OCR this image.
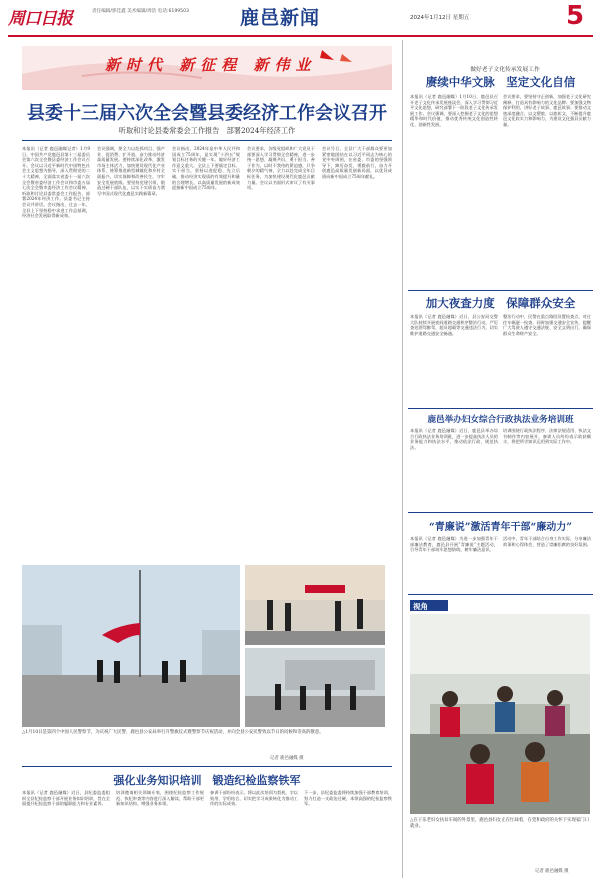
周口日报	责任编辑/郭佳鑫 美术编辑/周浩 电话:6199503	鹿邑新闻	2024年1月12日 星期五	5
新时代 新征程 新伟业
县委十三届六次全会暨县委经济工作会议召开
听取和讨论县委常委会工作报告　部署2024年经济工作
本报讯（记者 鹿邑融媒记者）1月9日，中国共产党鹿邑县第十三届委员会第六次全会暨县委经济工作会议召开。会议以习近平新时代中国特色社会主义思想为指导，深入贯彻党的二十大精神，全面落实省委十一届六次全会暨省委经济工作会议和市委五届七次全会暨市委经济工作会议精神，听取和讨论县委常委会工作报告，部署2024年经济工作。县委书记主持会议并讲话。会议指出，过去一年，全县上下坚持稳中求进工作总基调，经济社会发展取得新成效。
会议强调，要全力以赴抓项目、强产业、促消费、扩开放，奋力推动经济高质量发展。要持续深化改革，激发市场主体活力，加快建设现代化产业体系，统筹推进新型城镇化和乡村全面振兴，切实保障和改善民生，守牢安全发展底线。要坚持党建引领，锻造过硬干部队伍，以实干实绩奋力谱写中国式现代化鹿邑实践新篇章。
会议指出，2024年是中华人民共和国成立75周年，是实现“十四五”规划目标任务的关键一年。做好经济工作意义重大。全县上下要锚定目标、实干担当，坚持以进促稳、先立后破，推动经济实现质的有效提升和量的合理增长，以高质量发展的新成效迎接新中国成立75周年。
会议要求，各级党组织和广大党员干部要深入学习贯彻全会精神，进一步统一思想、凝聚共识，勇于担当、善于作为，以时不我待的紧迫感，只争朝夕的精气神，全力以赴完成全年目标任务，为加快建设现代化鹿邑贡献力量。会议以书面形式审议了有关事项。
会议号召，全县广大干部群众要更加紧密地团结在以习近平同志为核心的党中央周围，在省委、市委的坚强领导下，踔厉奋发、勇毅前行，奋力开创鹿邑高质量发展新局面，以优异成绩向新中国成立75周年献礼。
△1月10日是第四个中国人民警察节，为庆祝广大民警，鹿邑县公安局举行升警旗仪式暨警察节庆祝活动，并向全县公安民警致以节日的问候和崇高的敬意。
记者 鹿邑融媒 摄
强化业务知识培训　锻造纪检监察铁军
本报讯（记者 鹿邑融媒）近日，县纪委监委组织全县纪检监察干部开展业务知识培训，旨在全面提升纪检监察干部的履职能力和专业素养。
培训邀请相关领域专家，围绕纪检监察工作规范、执纪审查等内容进行深入解读，帮助干部更新知识结构、增强业务本领。
参训干部纷纷表示，将以此次培训为契机，学以致用、学用结合，切实把学习成果转化为推动工作的实际成效。
下一步，县纪委监委将持续加强干部教育培训，努力打造一支政治过硬、本领高强的纪检监察铁军。
做好老子文化传承发展工作
赓续中华文脉　坚定文化自信
本报讯（记者 鹿邑融媒）1月10日，鹿邑县召开老子文化传承发展座谈会，深入学习贯彻习近平文化思想，研究部署下一阶段老子文化传承发展工作。会议强调，要深入挖掘老子文化的思想精华和时代价值，推动优秀传统文化创造性转化、创新性发展。
会议要求，要坚持守正创新，加强老子文化研究阐释，打造具有影响力的文化品牌；要加强文物保护利用，讲好老子故事、鹿邑故事；要推动文旅深度融合，以文塑旅、以旅彰文，不断提升鹿邑文化软实力和影响力，为建设文化强县贡献力量。
加大夜查力度　保障群众安全
本报讯（记者 鹿邑融媒）近日，县公安局交警大队持续开展夜间道路交通秩序整治行动，严厉查处酒驾醉驾、超员超载等交通违法行为，切实维护道路交通安全畅通。
整治行动中，民警在重点路段设置检查点，对过往车辆逐一检查，同时加强交通安全宣传，提醒广大驾驶人遵守交通法规、安全文明出行，确保群众生命财产安全。
鹿邑举办妇女综合行政执法业务培训班
本报讯（记者 鹿邑融媒）近日，鹿邑县举办综合行政执法业务培训班，进一步提高执法人员的业务能力和执法水平，推动依法行政、规范执法。
培训围绕行政执法程序、法律法规适用、执法文书制作等内容展开，参训人员纷纷表示收获颇丰，将把所学知识运用到实际工作中。
“青廉说”激活青年干部“廉动力”
本报讯（记者 鹿邑融媒）为进一步加强青年干部廉洁教育，鹿邑县开展“青廉说”主题活动，引导青年干部筑牢思想防线、树牢廉洁意识。
活动中，青年干部结合自身工作实际，分享廉洁故事和心得体会，营造了崇廉拒腐的良好氛围。
视角
△在子乐老妇女扶贫车间的外景里，鹿邑县妇女正在忙碌着，在党和政府的关怀下实现家门口就业。
记者 鹿邑融媒 摄
